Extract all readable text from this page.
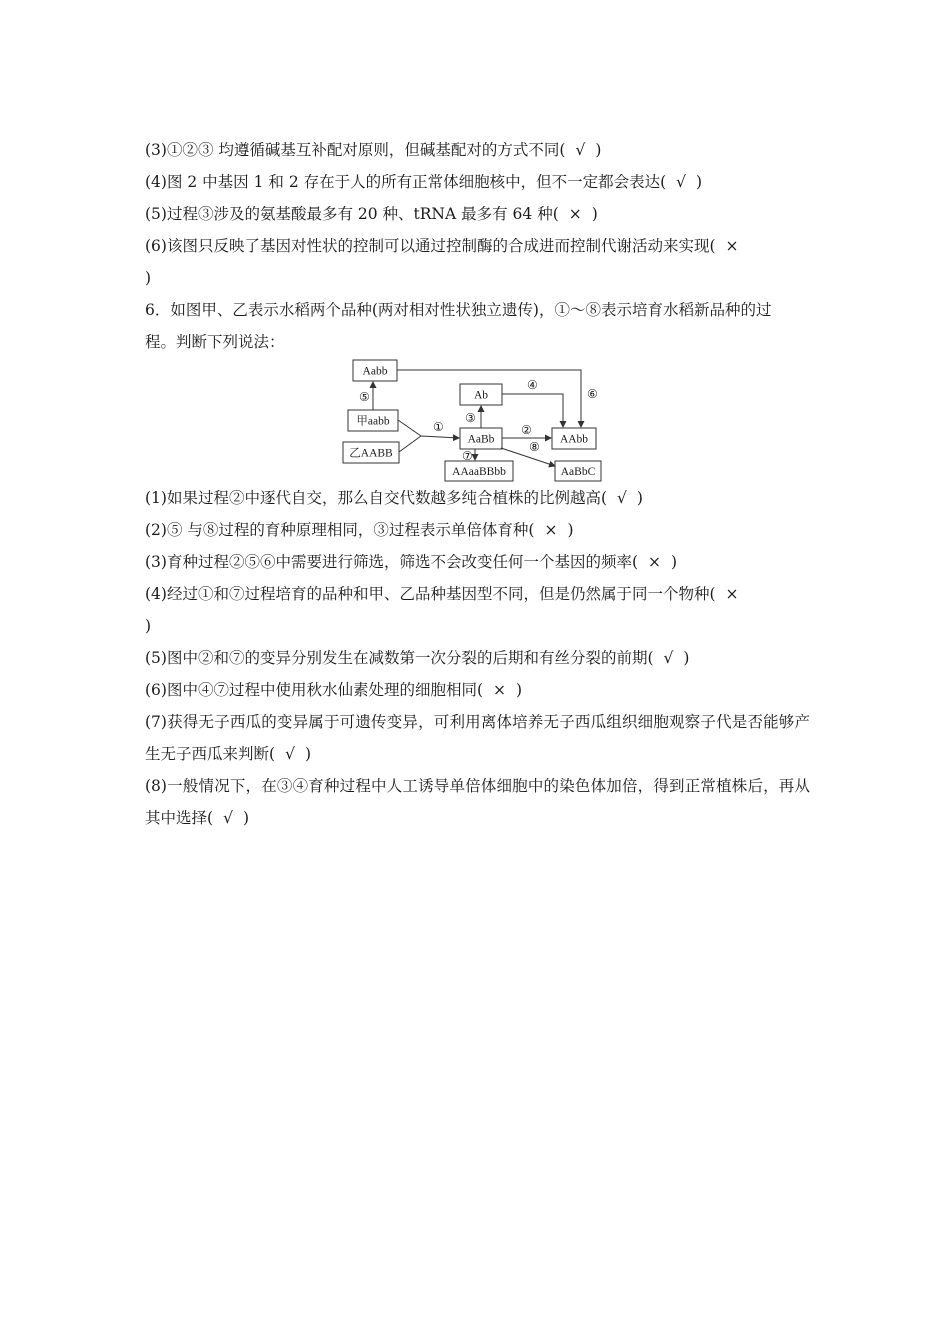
(3)①②③ 均遵循碱基互补配对原则，但碱基配对的方式不同( √ )
(4)图 2 中基因 1 和 2 存在于人的所有正常体细胞核中，但不一定都会表达( √ )
(5)过程③涉及的氨基酸最多有 20 种、tRNA 最多有 64 种( × )
(6)该图只反映了基因对性状的控制可以通过控制酶的合成进而控制代谢活动来实现( ×
)
6．如图甲、乙表示水稻两个品种(两对相对性状独立遗传)，①～⑧表示培育水稻新品种的过
程。判断下列说法：
Aabb
甲aabb
乙AABB
Ab
AaBb	AAbb
AAaaBBbb	AaBbC
⑤
①
⑥
③
④
②
⑦
⑧
(1)如果过程②中逐代自交，那么自交代数越多纯合植株的比例越高( √ )
(2)⑤ 与⑧过程的育种原理相同，③过程表示单倍体育种( × )
(3)育种过程②⑤⑥中需要进行筛选，筛选不会改变任何一个基因的频率( × )
(4)经过①和⑦过程培育的品种和甲、乙品种基因型不同，但是仍然属于同一个物种( ×
)
(5)图中②和⑦的变异分别发生在减数第一次分裂的后期和有丝分裂的前期( √ )
(6)图中④⑦过程中使用秋水仙素处理的细胞相同( × )
(7)获得无子西瓜的变异属于可遗传变异，可利用离体培养无子西瓜组织细胞观察子代是否能够产生无子西瓜来判断( √ )
(8)一般情况下，在③④育种过程中人工诱导单倍体细胞中的染色体加倍，得到正常植株后，再从其中选择( √ )
